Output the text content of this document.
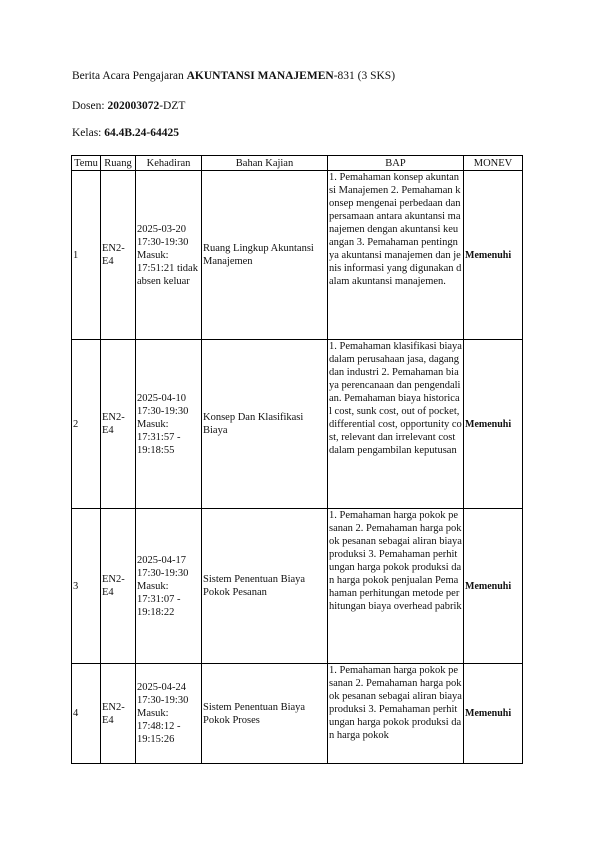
Berita Acara Pengajaran AKUNTANSI MANAJEMEN-831 (3 SKS)
Dosen: 202003072-DZT
Kelas: 64.4B.24-64425
Temu	Ruang	Kehadiran	Bahan Kajian	BAP	MONEV
1	EN2-E4	2025-03-20 17:30-19:30 Masuk: 17:51:21 tidak absen keluar	Ruang Lingkup Akuntansi Manajemen	1. Pemahaman konsep akuntansi Manajemen 2. Pemahaman konsep mengenai perbedaan dan persamaan antara akuntansi manajemen dengan akuntansi keuangan 3. Pemahaman pentingnya akuntansi manajemen dan jenis informasi yang digunakan dalam akuntansi manajemen.	Memenuhi
2	EN2-E4	2025-04-10 17:30-19:30 Masuk: 17:31:57 - 19:18:55	Konsep Dan Klasifikasi Biaya	1. Pemahaman klasifikasi biaya dalam perusahaan jasa, dagang dan industri 2. Pemahaman biaya perencanaan dan pengendalian. Pemahaman biaya historical cost, sunk cost, out of pocket, differential cost, opportunity cost, relevant dan irrelevant cost dalam pengambilan keputusan	Memenuhi
3	EN2-E4	2025-04-17 17:30-19:30 Masuk: 17:31:07 - 19:18:22	Sistem Penentuan Biaya Pokok Pesanan	1. Pemahaman harga pokok pesanan 2. Pemahaman harga pokok pesanan sebagai aliran biaya produksi 3. Pemahaman perhitungan harga pokok produksi dan harga pokok penjualan Pemahaman perhitungan metode perhitungan biaya overhead pabrik	Memenuhi
4	EN2-E4	2025-04-24 17:30-19:30 Masuk: 17:48:12 - 19:15:26	Sistem Penentuan Biaya Pokok Proses	1. Pemahaman harga pokok pesanan 2. Pemahaman harga pokok pesanan sebagai aliran biaya produksi 3. Pemahaman perhitungan harga pokok produksi dan harga pokok	Memenuhi
